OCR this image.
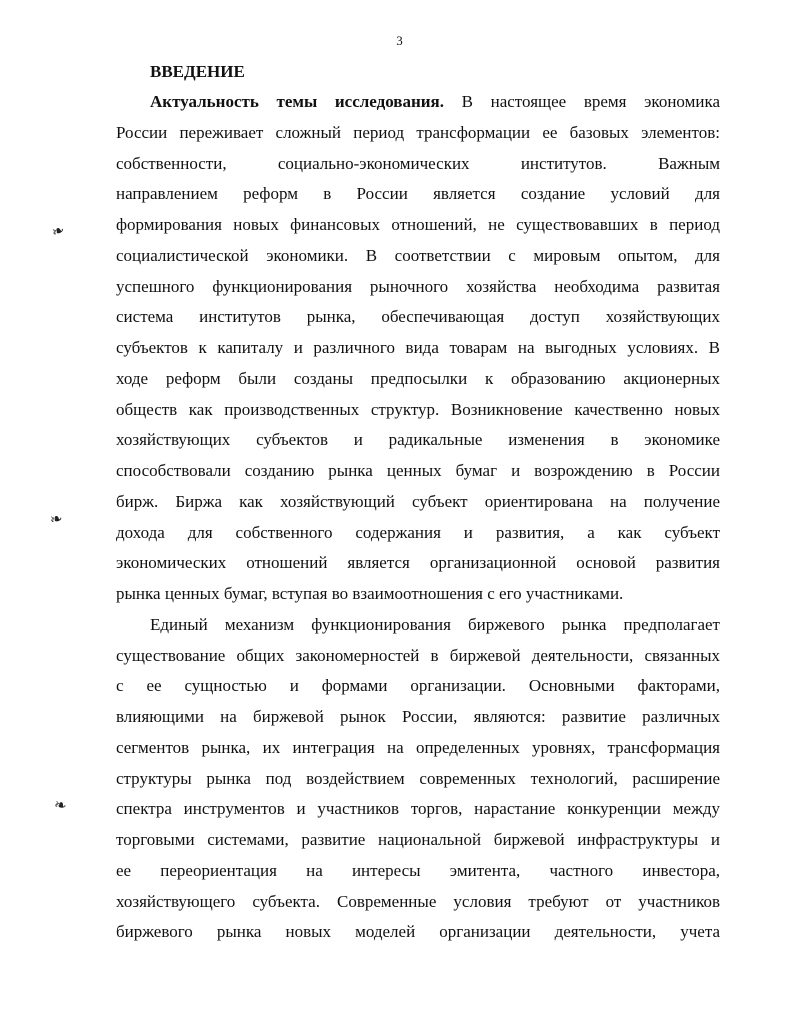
3
❧
❧
❧
ВВЕДЕНИЕ
Актуальность темы исследования. В настоящее время экономика
России переживает сложный период трансформации ее базовых элементов:
собственности, социально-экономических институтов. Важным
направлением реформ в России является создание условий для
формирования новых финансовых отношений, не существовавших в период
социалистической экономики. В соответствии с мировым опытом, для
успешного функционирования рыночного хозяйства необходима развитая
система институтов рынка, обеспечивающая доступ хозяйствующих
субъектов к капиталу и различного вида товарам на выгодных условиях. В
ходе реформ были созданы предпосылки к образованию акционерных
обществ как производственных структур. Возникновение качественно новых
хозяйствующих субъектов и радикальные изменения в экономике
способствовали созданию рынка ценных бумаг и возрождению в России
бирж. Биржа как хозяйствующий субъект ориентирована на получение
дохода для собственного содержания и развития, а как субъект
экономических отношений является организационной основой развития
рынка ценных бумаг, вступая во взаимоотношения с его участниками.
Единый механизм функционирования биржевого рынка предполагает
существование общих закономерностей в биржевой деятельности, связанных
с ее сущностью и формами организации. Основными факторами,
влияющими на биржевой рынок России, являются: развитие различных
сегментов рынка, их интеграция на определенных уровнях, трансформация
структуры рынка под воздействием современных технологий, расширение
спектра инструментов и участников торгов, нарастание конкуренции между
торговыми системами, развитие национальной биржевой инфраструктуры и
ее переориентация на интересы эмитента, частного инвестора,
хозяйствующего субъекта. Современные условия требуют от участников
биржевого рынка новых моделей организации деятельности, учета
